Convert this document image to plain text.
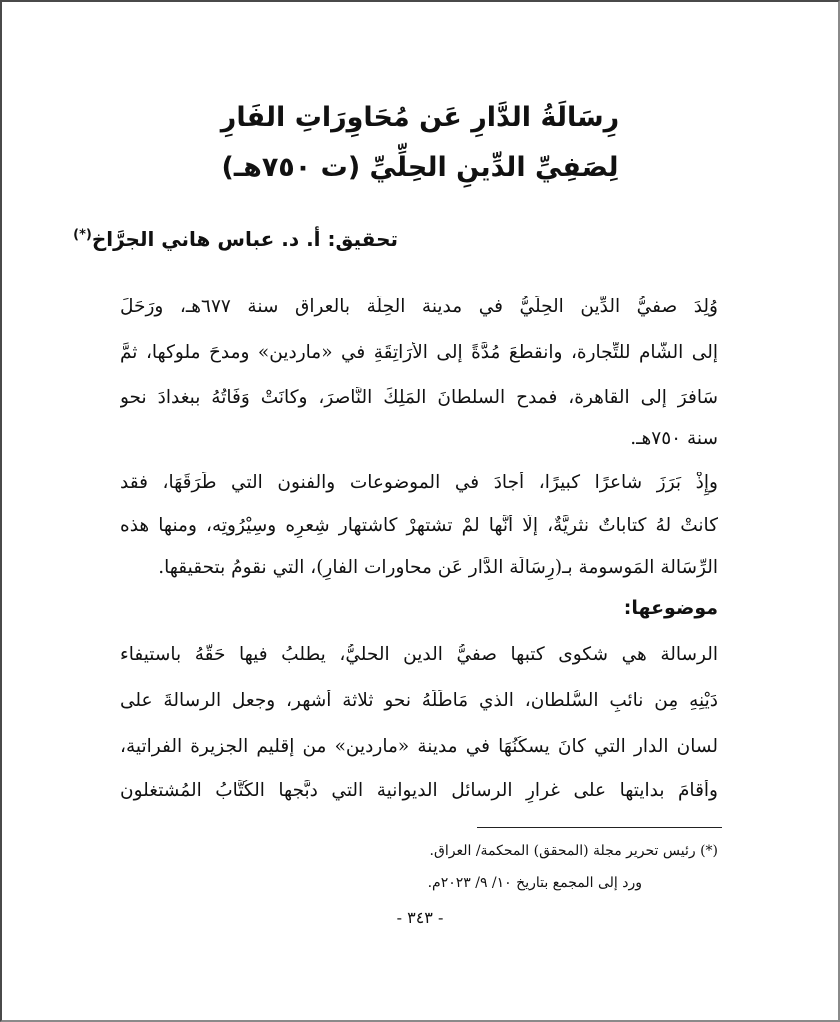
رِسَالَةُ الدَّارِ عَن مُحَاوِرَاتِ الفَارِ
لِصَفِيِّ الدِّينِ الحِلِّيِّ (ت ٧٥٠هـ)
تحقيق: أ. د. عباس هاني الجرَّاخ(*)
وُلِدَ صفيُّ الدِّين الحِلِّيُّ في مدينة الحِلَّة بالعراق سنة ٦٧٧هـ، ورَحَلَ
إلى الشَّام للتِّجارة، وانقطعَ مُدَّةً إلى الأَرَاتِقَةِ في «ماردين» ومدحَ ملوكها، ثمَّ
سَافرَ إلى القاهرة، فمدح السلطانَ المَلِكَ النَّاصرَ، وكانَتْ وَفَاتُهُ ببغدادَ نحو
سنة ٧٥٠هـ.
وإِذْ بَرَزَ شاعرًا كبيرًا، أجادَ في الموضوعات والفنون التي طَرَقَهَا، فقد
كانتْ لهُ كتاباتٌ نثريَّةٌ، إلَّا أنَّها لمْ تشتهرْ كاشتهار شِعرِه وسِيْرُوتِه، ومنها هذه
الرِّسَالة المَوسومة بـ(رِسَالَة الدَّار عَن محاورات الفارِ)، التي نقومُ بتحقيقها.
موضوعها:
الرسالة هي شكوى كتبها صفيُّ الدين الحليُّ، يطلبُ فيها حَقَّهُ باستيفاء
دَيْنِهِ مِن نائبِ السُّلطان، الذي مَاطَلَهُ نحو ثلاثة أشهر، وجعل الرسالةَ على
لسان الدار التي كانَ يسكُنُهَا في مدينة «ماردين» من إقليم الجزيرة الفراتية،
وأقامَ بدايتها على غرارِ الرسائل الديوانية التي دبَّجها الكُتَّابُ المُشتغلون
(*) رئيس تحرير مجلة (المحقق) المحكمة/ العراق.
ورد إلى المجمع بتاريخ ١٠/ ٩/ ٢٠٢٣م.
- ٣٤٣ -
